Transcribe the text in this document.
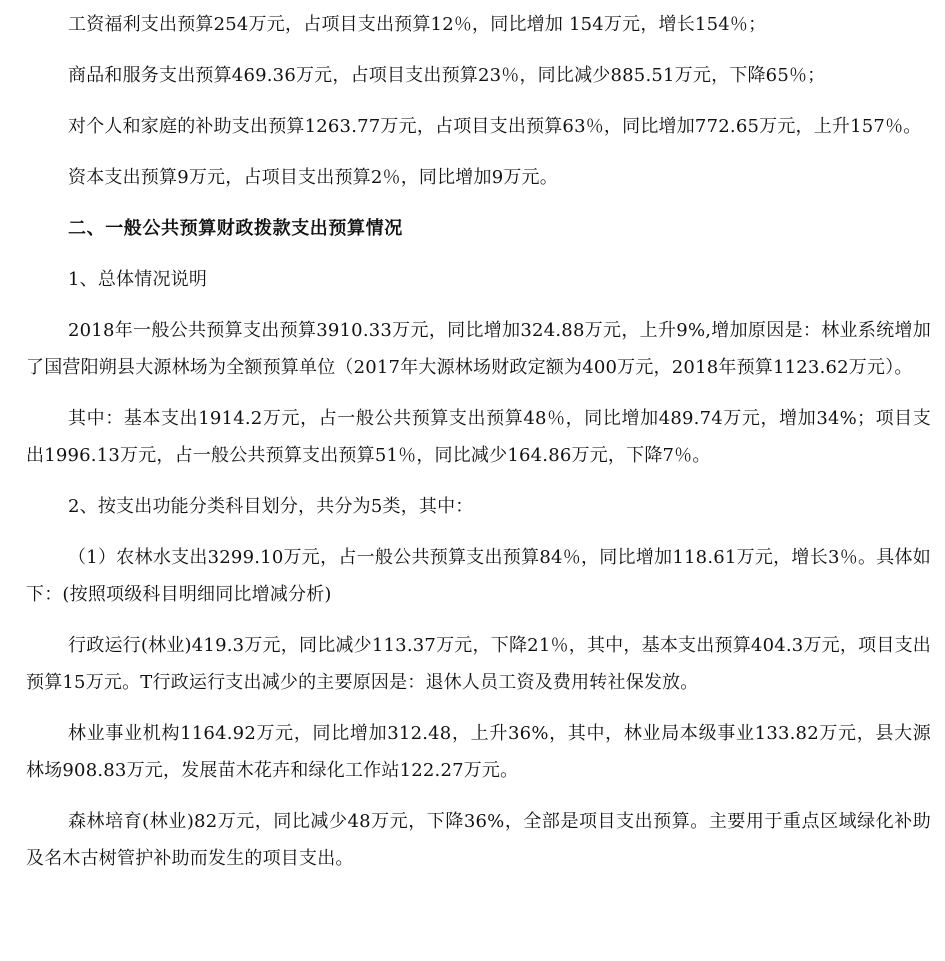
工资福利支出预算254万元，占项目支出预算12％，同比增加 154万元，增长154％；

商品和服务支出预算469.36万元，占项目支出预算23％，同比减少885.51万元，下降65％；

对个人和家庭的补助支出预算1263.77万元，占项目支出预算63％，同比增加772.65万元，上升157％。

资本支出预算9万元，占项目支出预算2％，同比增加9万元。

二、一般公共预算财政拨款支出预算情况

1、总体情况说明

2018年一般公共预算支出预算3910.33万元，同比增加324.88万元，上升9%,增加原因是：林业系统增加了国营阳朔县大源林场为全额预算单位（2017年大源林场财政定额为400万元，2018年预算1123.62万元）。

其中：基本支出1914.2万元，占一般公共预算支出预算48％，同比增加489.74万元，增加34%；项目支出1996.13万元，占一般公共预算支出预算51％，同比减少164.86万元，下降7％。

2、按支出功能分类科目划分，共分为5类，其中：

（1）农林水支出3299.10万元，占一般公共预算支出预算84％，同比增加118.61万元，增长3％。具体如下：(按照项级科目明细同比增减分析)

行政运行(林业)419.3万元，同比减少113.37万元，下降21％，其中，基本支出预算404.3万元，项目支出预算15万元。T行政运行支出减少的主要原因是：退休人员工资及费用转社保发放。

林业事业机构1164.92万元，同比增加312.48，上升36%，其中，林业局本级事业133.82万元，县大源林场908.83万元，发展苗木花卉和绿化工作站122.27万元。

森林培育(林业)82万元，同比减少48万元，下降36%，全部是项目支出预算。主要用于重点区域绿化补助及名木古树管护补助而发生的项目支出。
